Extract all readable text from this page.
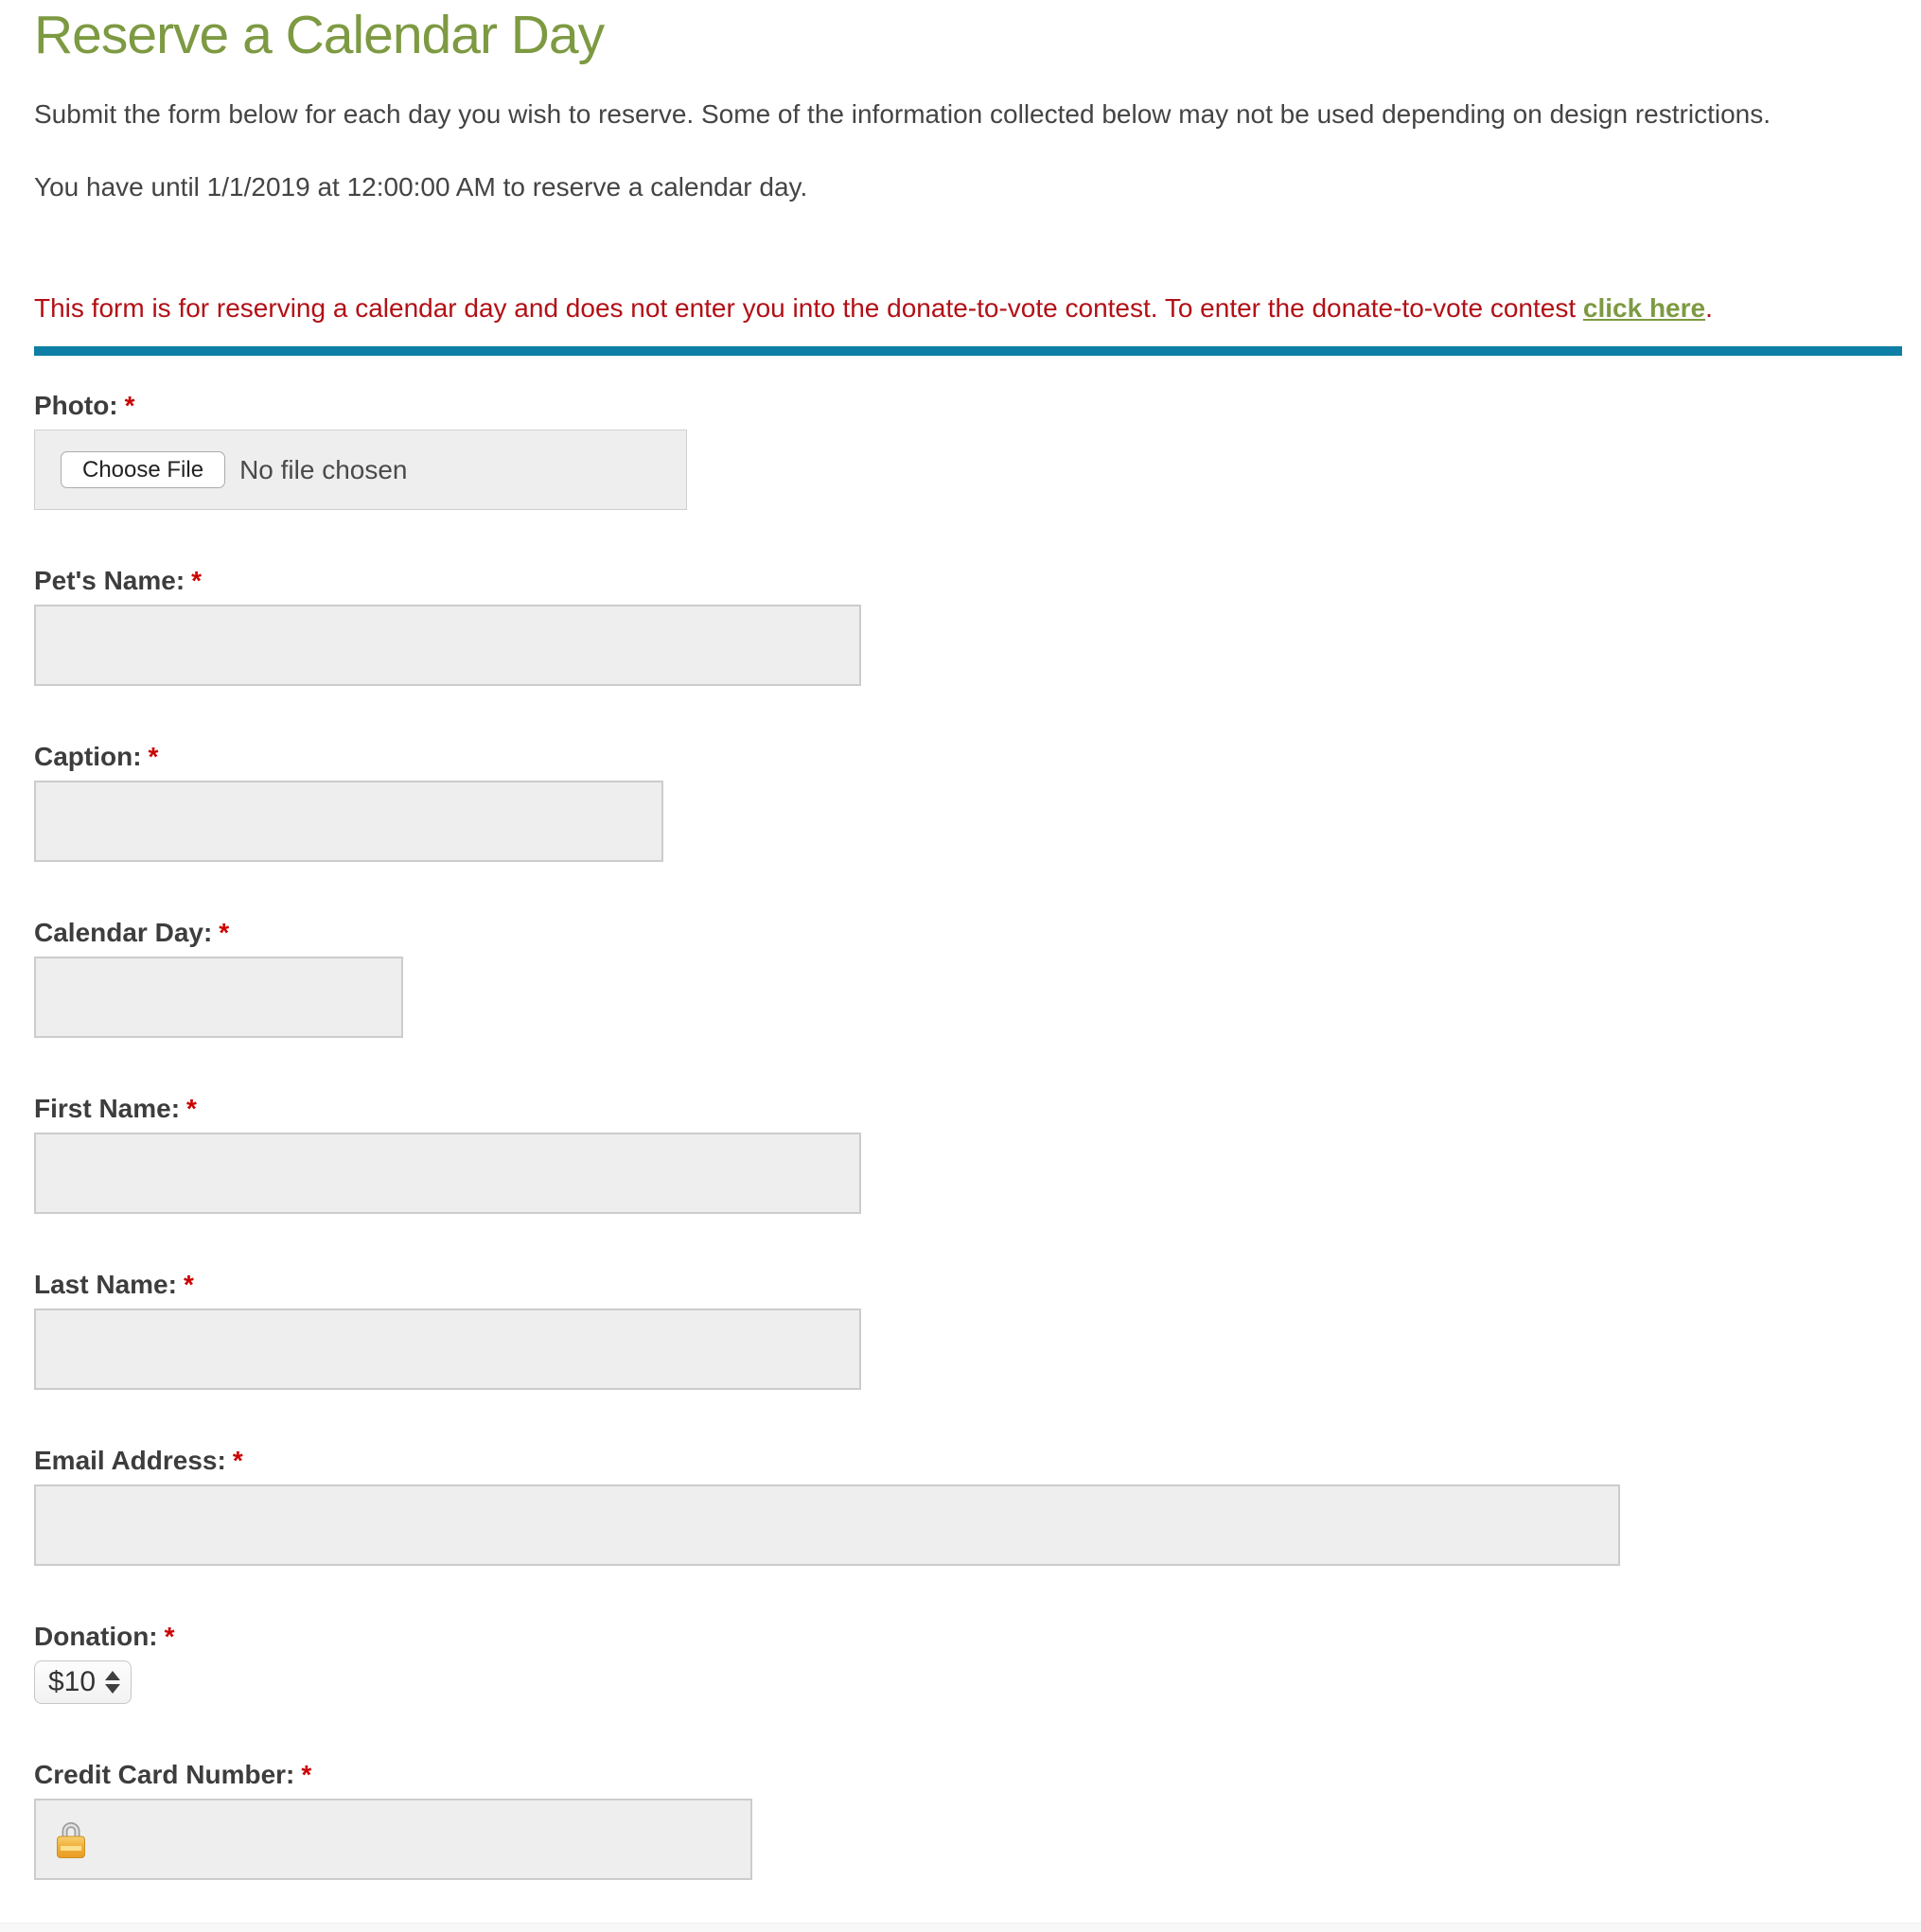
Reserve a Calendar Day

Submit the form below for each day you wish to reserve. Some of the information collected below may not be used depending on design restrictions.

You have until 1/1/2019 at 12:00:00 AM to reserve a calendar day.

This form is for reserving a calendar day and does not enter you into the donate-to-vote contest. To enter the donate-to-vote contest click here.

Photo: *
Choose File	No file chosen
Pet's Name: *
Caption: *
Calendar Day: *
First Name: *
Last Name: *
Email Address: *
Donation: *
$10
Credit Card Number: *
